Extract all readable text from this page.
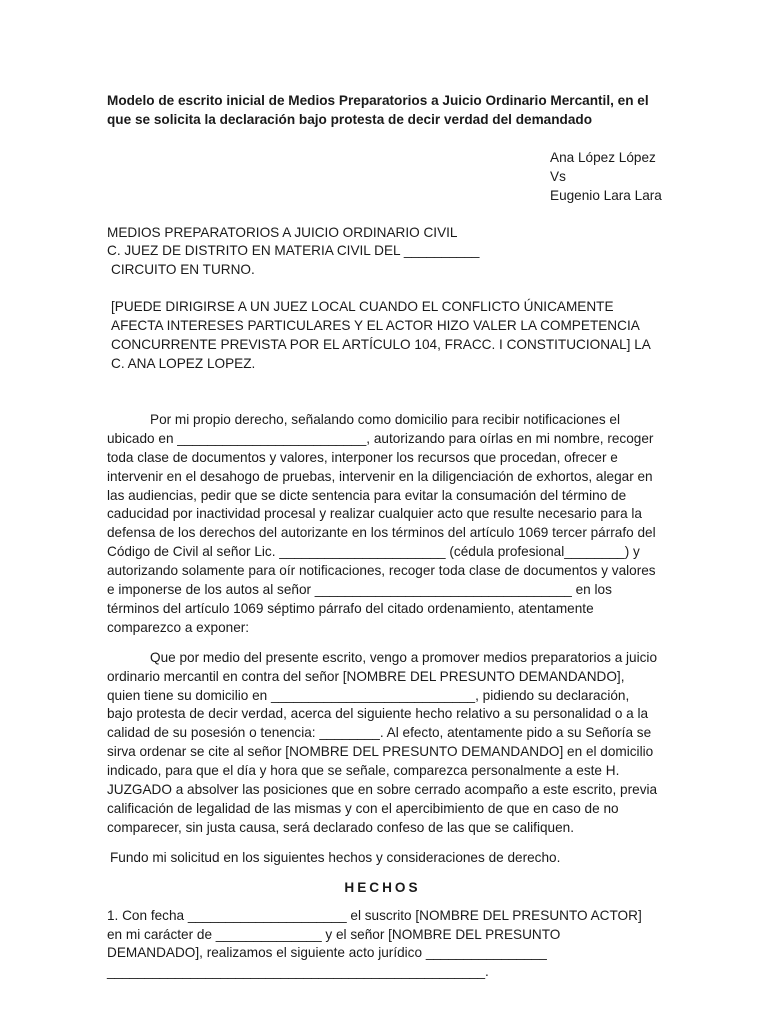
Modelo de escrito inicial de Medios Preparatorios a Juicio Ordinario Mercantil, en el que se solicita la declaración bajo protesta de decir verdad del demandado

Ana López López
Vs
Eugenio Lara Lara
MEDIOS PREPARATORIOS A JUICIO ORDINARIO CIVIL
C. JUEZ DE DISTRITO EN MATERIA CIVIL DEL __________
CIRCUITO EN TURNO.
[PUEDE DIRIGIRSE A UN JUEZ LOCAL CUANDO EL CONFLICTO ÚNICAMENTE AFECTA INTERESES PARTICULARES Y EL ACTOR HIZO VALER LA COMPETENCIA CONCURRENTE PREVISTA POR EL ARTÍCULO 104, FRACC. I CONSTITUCIONAL] LA C. ANA LOPEZ LOPEZ.

Por mi propio derecho, señalando como domicilio para recibir notificaciones el ubicado en _________________________, autorizando para oírlas en mi nombre, recoger toda clase de documentos y valores, interponer los recursos que procedan, ofrecer e intervenir en el desahogo de pruebas, intervenir en la diligenciación de exhortos, alegar en las audiencias, pedir que se dicte sentencia para evitar la consumación del término de caducidad por inactividad procesal y realizar cualquier acto que resulte necesario para la defensa de los derechos del autorizante en los términos del artículo 1069 tercer párrafo del Código de Civil al señor Lic. ______________________ (cédula profesional________) y autorizando solamente para oír notificaciones, recoger toda clase de documentos y valores e imponerse de los autos al señor __________________________________ en los términos del artículo 1069 séptimo párrafo del citado ordenamiento, atentamente comparezco a exponer:

Que por medio del presente escrito, vengo a promover medios preparatorios a juicio ordinario mercantil en contra del señor [NOMBRE DEL PRESUNTO DEMANDANDO], quien tiene su domicilio en ___________________________, pidiendo su declaración, bajo protesta de decir verdad, acerca del siguiente hecho relativo a su personalidad o a la calidad de su posesión o tenencia: ________. Al efecto, atentamente pido a su Señoría se sirva ordenar se cite al señor [NOMBRE DEL PRESUNTO DEMANDANDO] en el domicilio indicado, para que el día y hora que se señale, comparezca personalmente a este H. JUZGADO a absolver las posiciones que en sobre cerrado acompaño a este escrito, previa calificación de legalidad de las mismas y con el apercibimiento de que en caso de no comparecer, sin justa causa, será declarado confeso de las que se califiquen.

Fundo mi solicitud en los siguientes hechos y consideraciones de derecho.
HECHOS
1. Con fecha _____________________ el suscrito [NOMBRE DEL PRESUNTO ACTOR] en mi carácter de ______________ y el señor [NOMBRE DEL PRESUNTO DEMANDADO], realizamos el siguiente acto jurídico ________________ __________________________________________________.
